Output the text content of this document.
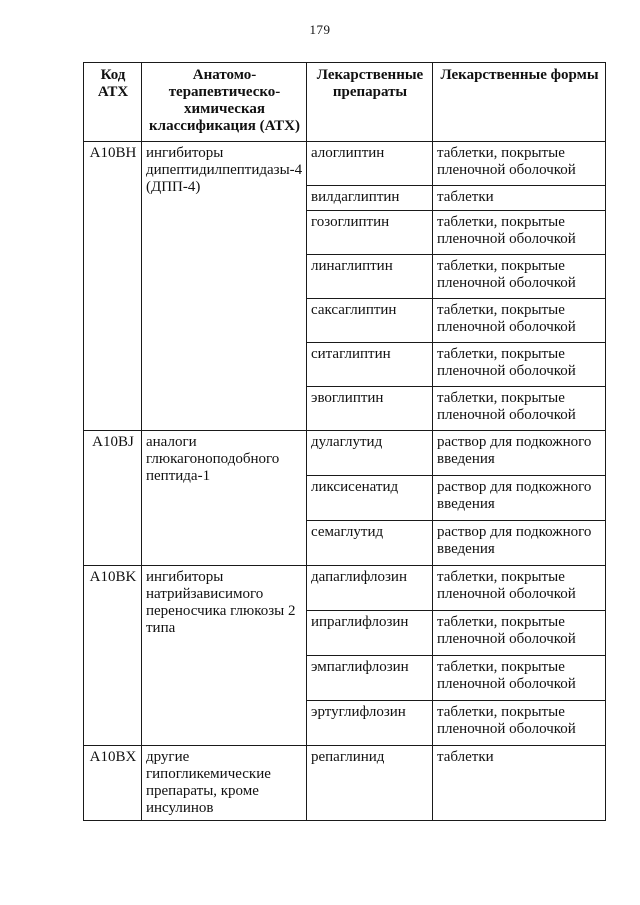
179
Код АТХ	Анатомо-терапевтическо-химическая классификация (АТХ)	Лекарственные препараты	Лекарственные формы
A10BH	ингибиторы дипептидилпептидазы-4 (ДПП-4)	алоглиптин	таблетки, покрытые пленочной оболочкой
		вилдаглиптин	таблетки
		гозоглиптин	таблетки, покрытые пленочной оболочкой
		линаглиптин	таблетки, покрытые пленочной оболочкой
		саксаглиптин	таблетки, покрытые пленочной оболочкой
		ситаглиптин	таблетки, покрытые пленочной оболочкой
		эвоглиптин	таблетки, покрытые пленочной оболочкой
A10BJ	аналоги глюкагоноподобного пептида-1	дулаглутид	раствор для подкожного введения
		ликсисенатид	раствор для подкожного введения
		семаглутид	раствор для подкожного введения
A10BK	ингибиторы натрийзависимого переносчика глюкозы 2 типа	дапаглифлозин	таблетки, покрытые пленочной оболочкой
		ипраглифлозин	таблетки, покрытые пленочной оболочкой
		эмпаглифлозин	таблетки, покрытые пленочной оболочкой
		эртуглифлозин	таблетки, покрытые пленочной оболочкой
A10BX	другие гипогликемические препараты, кроме инсулинов	репаглинид	таблетки
